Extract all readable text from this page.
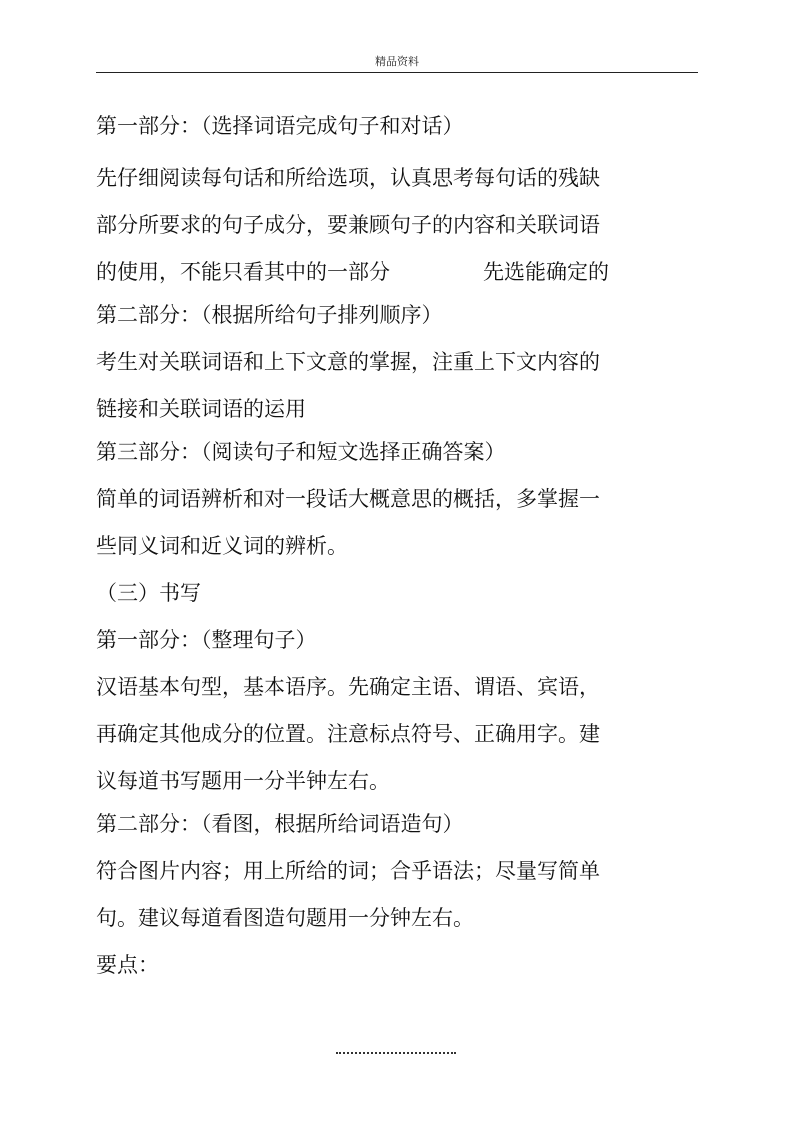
精品资料
第一部分：（选择词语完成句子和对话）
先仔细阅读每句话和所给选项，认真思考每句话的残缺
部分所要求的句子成分，要兼顾句子的内容和关联词语
的使用，不能只看其中的一部分	先选能确定的
第二部分：（根据所给句子排列顺序）
考生对关联词语和上下文意的掌握，注重上下文内容的
链接和关联词语的运用
第三部分：（阅读句子和短文选择正确答案）
简单的词语辨析和对一段话大概意思的概括，多掌握一
些同义词和近义词的辨析。
（三）书写
第一部分：（整理句子）
汉语基本句型，基本语序。先确定主语、谓语、宾语，
再确定其他成分的位置。注意标点符号、正确用字。建
议每道书写题用一分半钟左右。
第二部分：（看图，根据所给词语造句）
符合图片内容；用上所给的词；合乎语法；尽量写简单
句。建议每道看图造句题用一分钟左右。
要点：
